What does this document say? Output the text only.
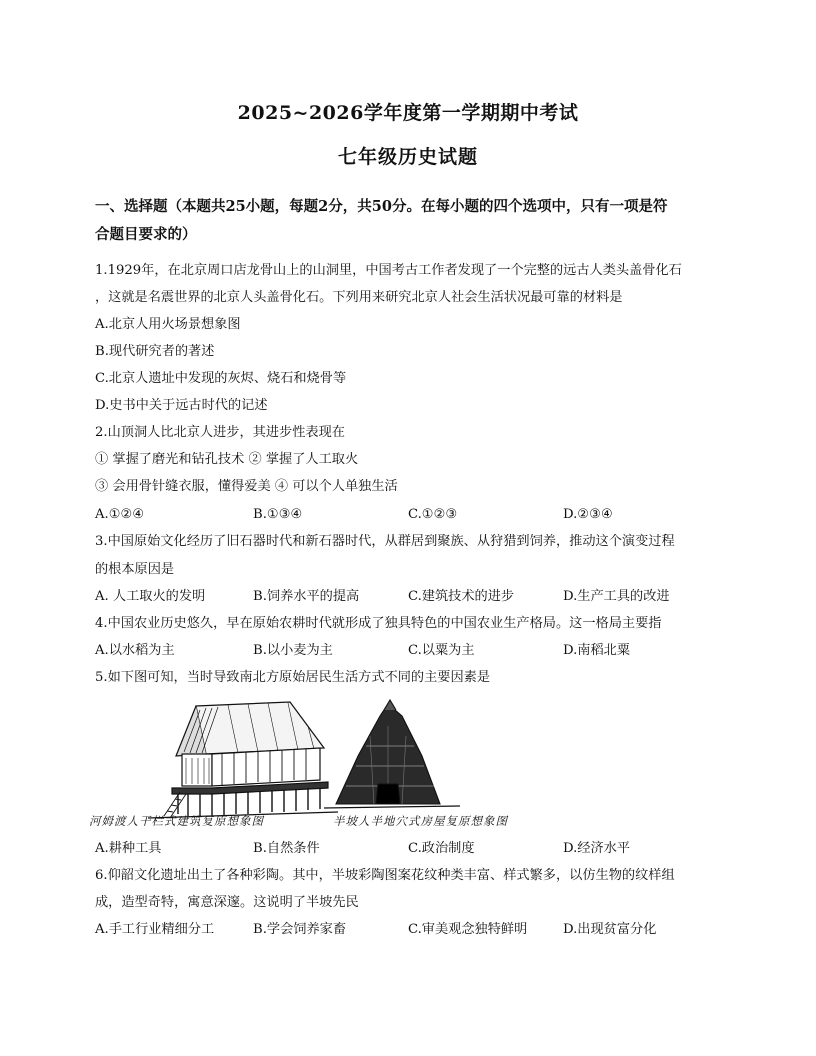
2025~2026学年度第一学期期中考试
七年级历史试题
一、选择题（本题共25小题，每题2分，共50分。在每小题的四个选项中，只有一项是符
合题目要求的）
1.1929年，在北京周口店龙骨山上的山洞里，中国考古工作者发现了一个完整的远古人类头盖骨化石
，这就是名震世界的北京人头盖骨化石。下列用来研究北京人社会生活状况最可靠的材料是
A.北京人用火场景想象图
B.现代研究者的著述
C.北京人遗址中发现的灰烬、烧石和烧骨等
D.史书中关于远古时代的记述
2.山顶洞人比北京人进步，其进步性表现在
① 掌握了磨光和钻孔技术 ② 掌握了人工取火
③ 会用骨针缝衣服，懂得爱美 ④ 可以个人单独生活
A.①②④	B.①③④	C.①②③	D.②③④
3.中国原始文化经历了旧石器时代和新石器时代，从群居到聚族、从狩猎到饲养，推动这个演变过程
的根本原因是
A. 人工取火的发明	B.饲养水平的提高	C.建筑技术的进步	D.生产工具的改进
4.中国农业历史悠久，早在原始农耕时代就形成了独具特色的中国农业生产格局。这一格局主要指
A.以水稻为主	B.以小麦为主	C.以粟为主	D.南稻北粟
5.如下图可知，当时导致南北方原始居民生活方式不同的主要因素是
河姆渡人干栏式建筑复原想象图	半坡人半地穴式房屋复原想象图
A.耕种工具	B.自然条件	C.政治制度	D.经济水平
6.仰韶文化遗址出土了各种彩陶。其中，半坡彩陶图案花纹种类丰富、样式繁多，以仿生物的纹样组
成，造型奇特，寓意深邃。这说明了半坡先民
A.手工行业精细分工	B.学会饲养家畜	C.审美观念独特鲜明	D.出现贫富分化
